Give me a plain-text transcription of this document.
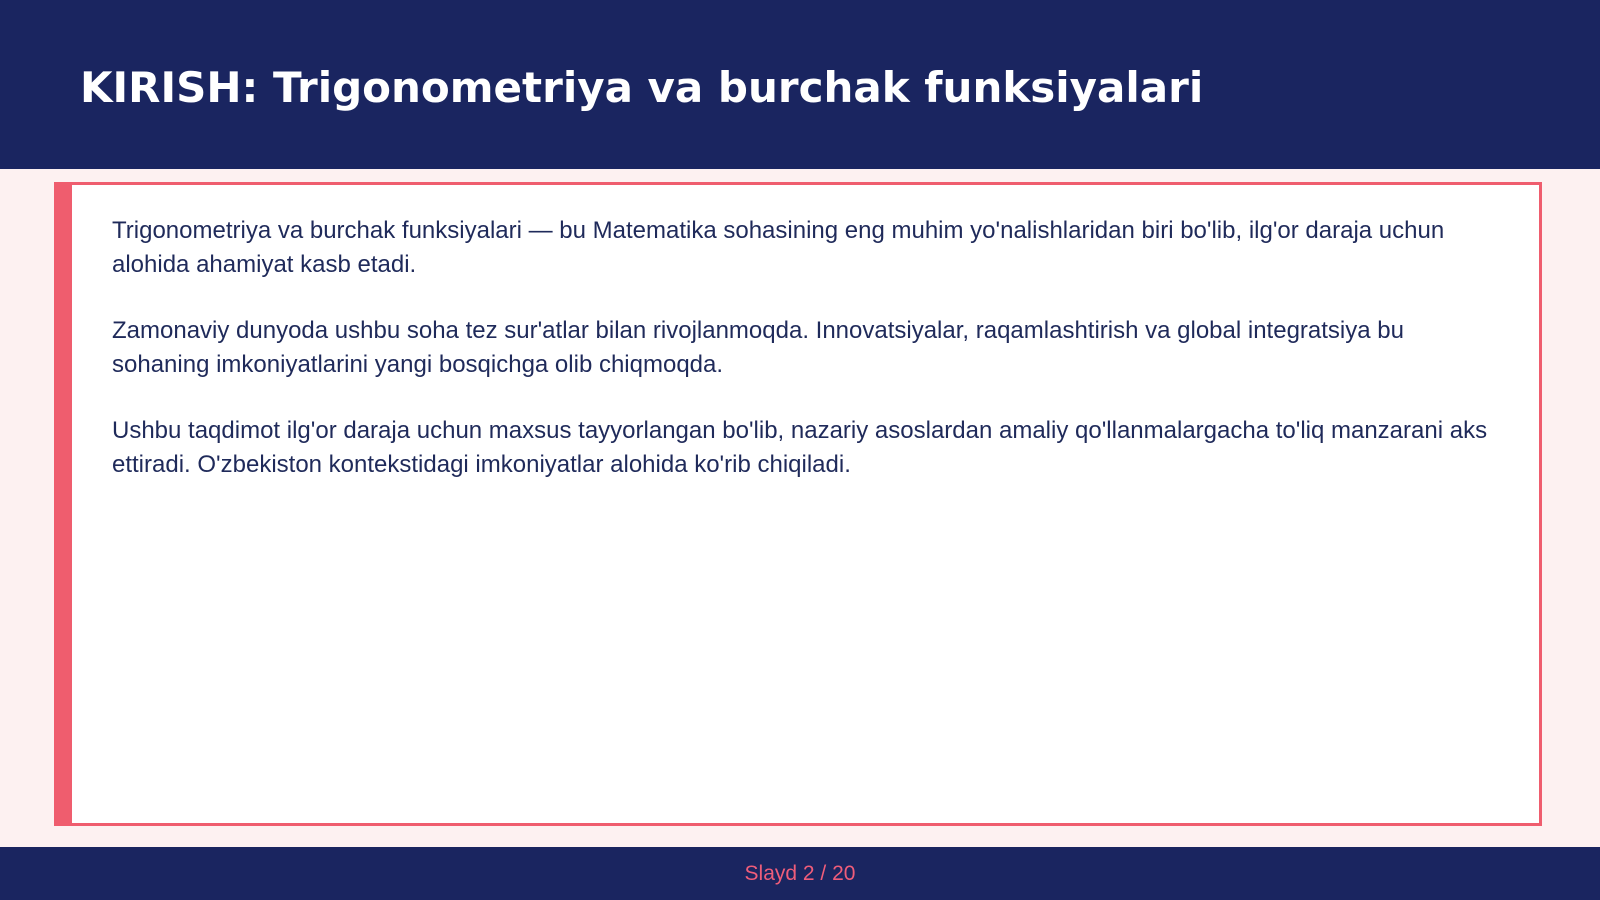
KIRISH: Trigonometriya va burchak funksiyalari

Trigonometriya va burchak funksiyalari — bu Matematika sohasining eng muhim yo'nalishlaridan biri bo'lib, ilg'or daraja uchun alohida ahamiyat kasb etadi.

Zamonaviy dunyoda ushbu soha tez sur'atlar bilan rivojlanmoqda. Innovatsiyalar, raqamlashtirish va global integratsiya bu sohaning imkoniyatlarini yangi bosqichga olib chiqmoqda.

Ushbu taqdimot ilg'or daraja uchun maxsus tayyorlangan bo'lib, nazariy asoslardan amaliy qo'llanmalargacha to'liq manzarani aks ettiradi. O'zbekiston kontekstidagi imkoniyatlar alohida ko'rib chiqiladi.

Slayd 2 / 20
